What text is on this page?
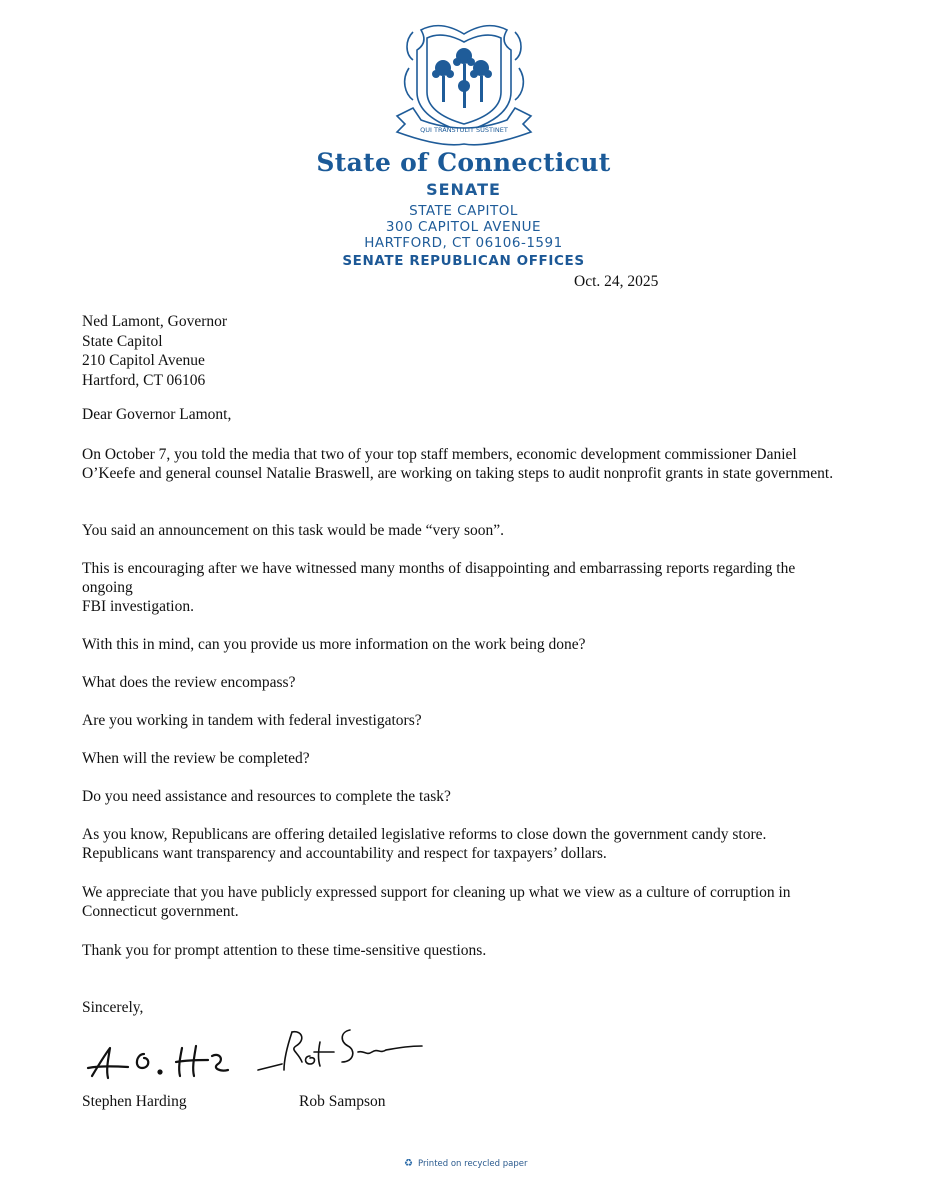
QUI TRANSTULIT SUSTINET
State of Connecticut
SENATE
STATE CAPITOL
300 CAPITOL AVENUE
HARTFORD, CT 06106-1591
SENATE REPUBLICAN OFFICES
Oct. 24, 2025
Ned Lamont, Governor
State Capitol
210 Capitol Avenue
Hartford, CT 06106

Dear Governor Lamont,

On October 7, you told the media that two of your top staff members, economic development commissioner Daniel O’Keefe and general counsel Natalie Braswell, are working on taking steps to audit nonprofit grants in state government.

You said an announcement on this task would be made “very soon”.

This is encouraging after we have witnessed many months of disappointing and embarrassing reports regarding the ongoing

FBI investigation.

With this in mind, can you provide us more information on the work being done?

What does the review encompass?

Are you working in tandem with federal investigators?

When will the review be completed?

Do you need assistance and resources to complete the task?

As you know, Republicans are offering detailed legislative reforms to close down the government candy store. Republicans want transparency and accountability and respect for taxpayers’ dollars.

We appreciate that you have publicly expressed support for cleaning up what we view as a culture of corruption in Connecticut government.

Thank you for prompt attention to these time-sensitive questions.

Sincerely,

Stephen Harding	Rob Sampson
♻ Printed on recycled paper
